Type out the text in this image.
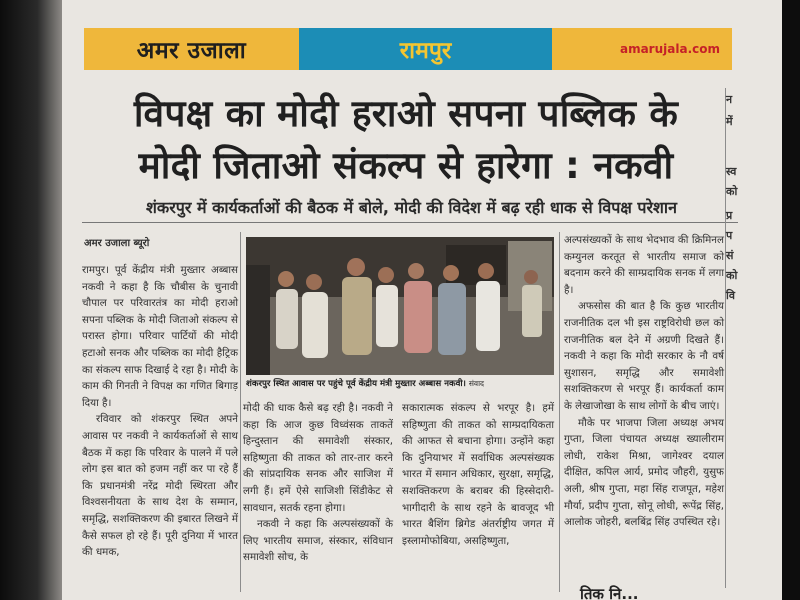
अमर उजाला	रामपुर	amarujala.com
विपक्ष का मोदी हराओ सपना पब्लिक के
मोदी जिताओ संकल्प से हारेगा : नकवी
शंकरपुर में कार्यकर्ताओं की बैठक में बोले, मोदी की विदेश में बढ़ रही धाक से विपक्ष परेशान
अमर उजाला ब्यूरो

रामपुर। पूर्व केंद्रीय मंत्री मुख्तार अब्बास नकवी ने कहा है कि चौबीस के चुनावी चौपाल पर परिवारतंत्र का मोदी हराओ सपना पब्लिक के मोदी जिताओ संकल्प से परास्त होगा। परिवार पार्टियों की मोदी हटाओ सनक और पब्लिक का मोदी हैट्रिक का संकल्प साफ दिखाई दे रहा है। मोदी के काम की गिनती ने विपक्ष का गणित बिगाड़ दिया है।

रविवार को शंकरपुर स्थित अपने आवास पर नकवी ने कार्यकर्ताओं से साथ बैठक में कहा कि परिवार के पालने में पले लोग इस बात को हजम नहीं कर पा रहे हैं कि प्रधानमंत्री नरेंद्र मोदी स्थिरता और विश्वसनीयता के साथ देश के सम्मान, समृद्धि, सशक्तिकरण की इबारत लिखने में कैसे सफल हो रहे हैं। पूरी दुनिया में भारत की धमक,

शंकरपुर स्थित आवास पर पहुंचे पूर्व केंद्रीय मंत्री मुख्तार अब्बास नकवी। संवाद

मोदी की धाक कैसे बढ़ रही है। नकवी ने कहा कि आज कुछ विध्वंसक ताकतें हिन्दुस्तान की समावेशी संस्कार, सहिष्णुता की ताकत को तार-तार करने की सांप्रदायिक सनक और साजिश में लगी हैं। हमें ऐसे साजिशी सिंडीकेट से सावधान, सतर्क रहना होगा।

नकवी ने कहा कि अल्पसंख्यकों के लिए भारतीय समाज, संस्कार, संविधान समावेशी सोच, के

सकारात्मक संकल्प से भरपूर है। हमें सहिष्णुता की ताकत को साम्प्रदायिकता की आफत से बचाना होगा। उन्होंने कहा कि दुनियाभर में सर्वाधिक अल्पसंख्यक भारत में समान अधिकार, सुरक्षा, समृद्धि, सशक्तिकरण के बराबर की हिस्सेदारी-भागीदारी के साथ रहने के बावजूद भी भारत बैशिंग ब्रिगेड अंतर्राष्ट्रीय जगत में इस्लामोफोबिया, असहिष्णुता,

अल्पसंख्यकों के साथ भेदभाव की क्रिमिनल कम्युनल करतूत से भारतीय समाज को बदनाम करने की साम्प्रदायिक सनक में लगा है।

अफसोस की बात है कि कुछ भारतीय राजनीतिक दल भी इस राष्ट्रविरोधी छल को राजनीतिक बल देने में अग्रणी दिखते हैं। नकवी ने कहा कि मोदी सरकार के नौ वर्ष सुशासन, समृद्धि और समावेशी सशक्तिकरण से भरपूर हैं। कार्यकर्ता काम के लेखाजोखा के साथ लोगों के बीच जाएं।

मौके पर भाजपा जिला अध्यक्ष अभय गुप्ता, जिला पंचायत अध्यक्ष ख्यालीराम लोधी, राकेश मिश्रा, जागेश्वर दयाल दीक्षित, कपिल आर्य, प्रमोद जौहरी, युसुफ अली, श्रीष गुप्ता, महा सिंह राजपूत, महेश मौर्या, प्रदीप गुप्ता, सोनू लोधी, रूपेंद्र सिंह, आलोक जोहरी, बलबिंद्र सिंह उपस्थित रहे।

न
में
स्व
को
प्र
प
सं
को
वि
तिक नि...
